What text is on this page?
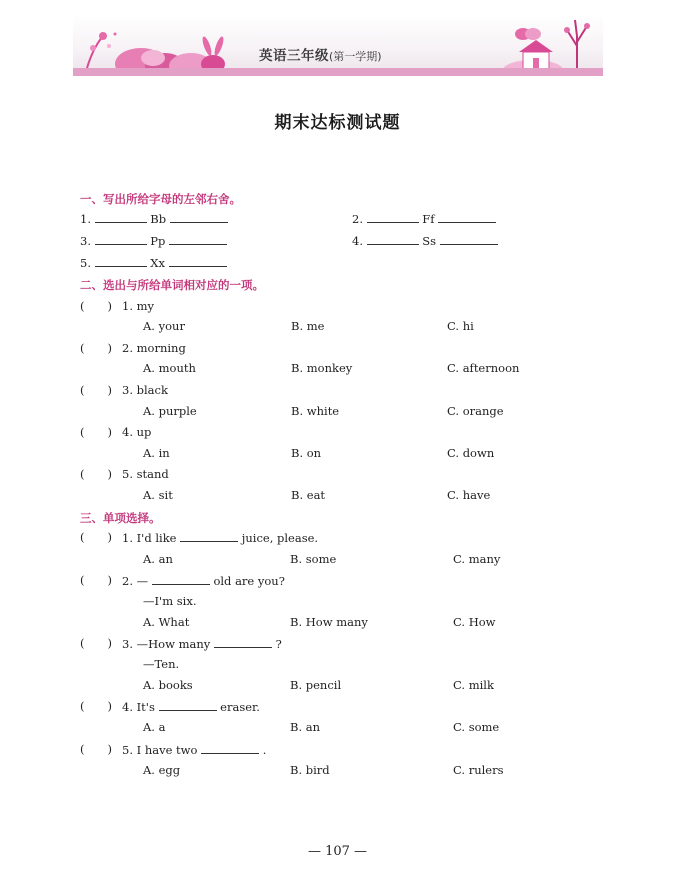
英语三年级(第一学期)
期末达标测试题
一、写出所给字母的左邻右舍。
1.	Bb	2.	Ff
3.	Pp	4.	Ss
5.	Xx
二、选出与所给单词相对应的一项。
(　　) 1. my
A. your	B. me	C. hi
(　　) 2. morning
A. mouth	B. monkey	C. afternoon
(　　) 3. black
A. purple	B. white	C. orange
(　　) 4. up
A. in	B. on	C. down
(　　) 5. stand
A. sit	B. eat	C. have
三、单项选择。
(　　) 1. I'd like	juice, please.
A. an	B. some	C. many
(　　) 2. —	old are you?
—I'm six.
A. What	B. How many	C. How
(　　) 3. —How many	?
—Ten.
A. books	B. pencil	C. milk
(　　) 4. It's	eraser.
A. a	B. an	C. some
(　　) 5. I have two	.
A. egg	B. bird	C. rulers
— 107 —
